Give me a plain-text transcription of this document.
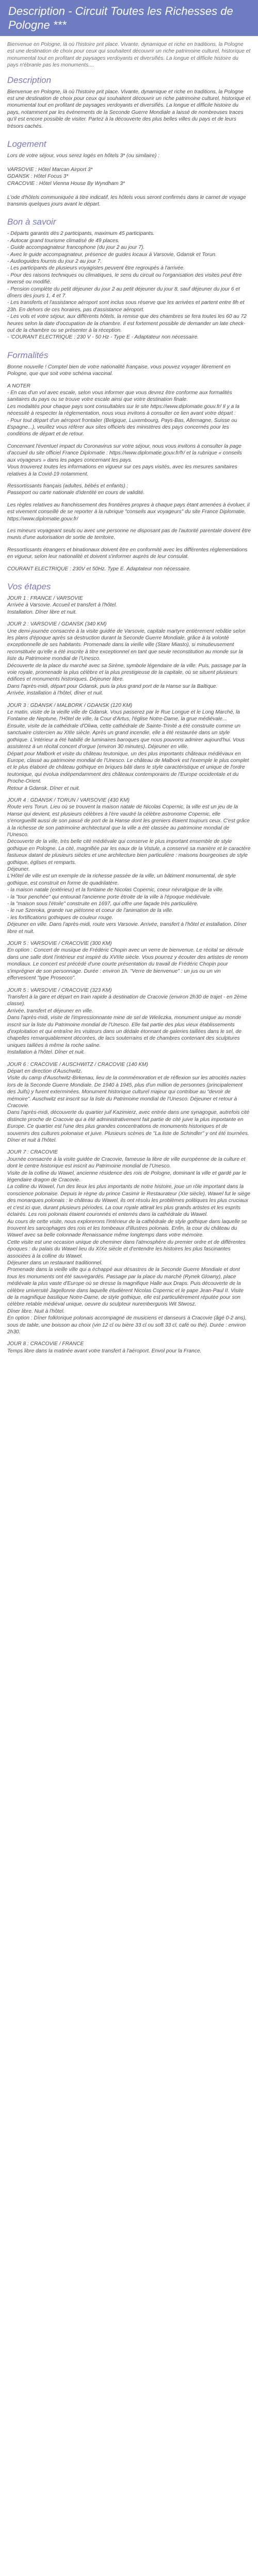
Description - Circuit Toutes les Richesses de Pologne ***

Bienvenue en Pologne, là où l'histoire prit place. Vivante, dynamique et riche en traditions, la Pologne est une destination de choix pour ceux qui souhaitent découvrir un riche patrimoine culturel, historique et monumental tout en profitant de paysages verdoyants et diversifiés. La longue et difficile histoire du pays n'ébranle pas les monuments....

Description

Bienvenue en Pologne, là où l'histoire prit place. Vivante, dynamique et riche en traditions, la Pologne est une destination de choix pour ceux qui souhaitent découvrir un riche patrimoine culturel, historique et monumental tout en profitant de paysages verdoyants et diversifiés. La longue et difficile histoire du pays, notamment par les événements de la Seconde Guerre Mondiale a laissé de nombreuses traces qu'il est encore possible de visiter. Partez à la découverte des plus belles villes du pays et de leurs trésors cachés.

Logement

Lors de votre séjour, vous serez logés en hôtels 3* (ou similaire) :

VARSOVIE : Hôtel Marcan Airport 3*
GDANSK : Hôtel Focus 3*
CRACOVIE : Hôtel Vienna House By Wyndham 3*

L'ode d'hôtels communiquée à titre indicatif, les hôtels vous seront confirmés dans le carnet de voyage transmis quelques jours avant le départ.

Bon à savoir

- Départs garantis dès 2 participants, maximum 45 participants.
- Autocar grand tourisme climatisé de 49 places.
- Guide accompagnateur francophone (du jour 2 au jour 7).
- Avec le guide accompagnateur, présence de guides locaux à Varsovie, Gdansk et Torun.
- Audioguides fournis du jour 2 au jour 7.
- Les participants de plusieurs voyagistes peuvent être regroupés à l'arrivée.
- Pour des raisons techniques ou climatiques, le sens du circuit ou l'organisation des visites peut être inversé ou modifié.
- Pension complète du petit déjeuner du jour 2 au petit déjeuner du jour 8, sauf déjeuner du jour 6 et dîners des jours 1, 4 et 7.
- Les transferts et l'assistance aéroport sont inclus sous réserve que les arrivées et partent entre 8h et 23h. En dehors de ces horaires, pas d'assistance aéroport.
- Les vols et votre séjour, aux différents hôtels, la remise que des chambres se fera toutes les 60 au 72 heures selon la date d'occupation de la chambre. Il est fortement possible de demander un late check-out de la chambre ou se présenter à la réception.
- 'COURANT ELECTRIQUE : 230 V - 50 Hz - Type E - Adaptateur non nécessaire.

Formalités

Bonne nouvelle ! Comptel bien de votre nationalité française, vous pouvez voyager librement en Pologne, que que soit votre schéma vaccinal.

A NOTER
- En cas d'un vol avec escale, selon vous informer que vous devrez être conforme aux formalités sanitaires du pays ou se trouve votre escale ainsi que votre destination finale.
Les modalités pour chaque pays sont consultables sur le site https://www.diplomatie.gouv.fr/ Il y a la nécessité à respecter la réglementation, nous vous invitons à consulter ce lien avant votre départ :
- Pour tout départ d'un aéroport frontalier (Belgique, Luxembourg, Pays-Bas, Allemagne, Suisse ou Espagne...), veuillez vous référer aux sites officiels des ministères des pays concernés pour les conditions de départ et de retour.

Concernant l'éventuel impact du Coronavirus sur votre séjour, nous vous invitons à consulter la page d'accueil du site officiel France Diplomatie : https://www.diplomatie.gouv.fr/fr/ et la rubrique « conseils aux voyageurs » dans les pages concernant les pays.
Vous trouverez toutes les informations en vigueur sur ces pays visités, avec les mesures sanitaires relatives à la Covid-19 notamment.

Ressortissants français (adultes, bébés et enfants) :
Passeport ou carte nationale d'identité en cours de validité.

Les règles relatives au franchissement des frontières propres à chaque pays étant amenées à évoluer, il est vivement conseillé de se reporter à la rubrique "conseils aux voyageurs" du site France Diplomatie, https://www.diplomatie.gouv.fr/

Les mineurs voyageant seuls ou avec une personne ne disposant pas de l'autorité parentale doivent être munis d'une autorisation de sortie de territoire.

Ressortissants étrangers et binationaux doivent être en conformité avec les différentes réglementations en vigueur, selon leur nationalité et doivent s'informer auprès de leur consulat.

COURANT ELECTRIQUE : 230V et 50Hz. Type E. Adaptateur non nécessaire.

Vos étapes

JOUR 1 : FRANCE / VARSOVIE
Arrivée à Varsovie. Accueil et transfert à l'hôtel.
Installation. Dîner libre et nuit.

JOUR 2 : VARSOVIE / GDANSK (340 KM)
Une demi-journée consacrée à la visite guidée de Varsovie, capitale martyre entièrement rebâtie selon les plans d'époque après sa destruction durant la Seconde Guerre Mondiale, grâce à la volonté exceptionnelle de ses habitants. Promenade dans la vieille ville (Stare Miasto), si minutieusement reconstituée qu'elle a été inscrite à titre exceptionnel en tant que seule reconstitution au monde sur la liste du Patrimoine mondial de l'Unesco.
Découverte de la place du marché avec sa Sirène, symbole légendaire de la ville. Puis, passage par la voie royale, promenade la plus célèbre et la plus prestigieuse de la capitale, où se situent plusieurs édifices et monuments historiques. Déjeuner libre.
Dans l'après-midi, départ pour Gdansk, puis la plus grand port de la Hanse sur la Baltique.
Arrivée, installation à l'hôtel, dîner et nuit.

JOUR 3 : GDANSK / MALBORK / GDANSK (120 KM)
Le matin, visite de la vieille ville de Gdansk. Vous passerez par le Rue Longue et le Long Marché, la Fontaine de Neptune, l'Hôtel de ville, la Cour d'Artus, l'église Notre-Dame, la grue médiévale...
Ensuite, visite de la cathédrale d'Oliwa, cette cathédrale de Sainte-Trinité a été construite comme un sanctuaire cistercien au XIIIe siècle. Après un grand incendie, elle a été restaurée dans un style gothique. L'intérieur a été habillé de luminaires baroques que nous pouvons admirer aujourd'hui. Vous assisterez à un récital concert d'orgue (environ 30 minutes). Déjeuner en ville.
Départ pour Malbork et visite du château teutonique, un des plus importants châteaux médiévaux en Europe, classé au patrimoine mondial de l'Unesco. Le château de Malbork est l'exemple le plus complet et le plus élaboré de château gothique en briques bâti dans le style caractéristique et unique de l'ordre teutonique, qui évolua indépendamment des châteaux contemporains de l'Europe occidentale et du Proche-Orient.
Retour à Gdansk. Dîner et nuit.

JOUR 4 : GDANSK / TORUN / VARSOVIE (430 KM)
Route vers Torun. Lieu où se trouvent la maison natale de Nicolas Copernic, la ville est un jeu de la Hanse qui devient, est plusieurs célèbres à l'ère vaudré la célèbre astronome Copernic, elle s'enorgueillit aussi de son passé de port de la Hanse dont les greniers étaient toujours ceux. C'est grâce à la richesse de son patrimoine architectural que la ville a été classée au patrimoine mondial de l'Unesco.
Découverte de la ville, très belle cité médiévale qui conserve le plus important ensemble de style gothique en Pologne. La cité, magnifiée par les eaux de la Vistule, a conservé sa manière et le caractère fastueux datant de plusieurs siècles et une architecture bien particulière : maisons bourgeoises de style gothique, églises et remparts.
Déjeuner.
L'Hôtel de ville est un exemple de la richesse passée de la ville, un bâtiment monumental, de style gothique, est construit en forme de quadrilatère.
- la maison natale (extérieur) et la fontaine de Nicolas Copernic, coeur névralgique de la ville.
- la "tour penchée" qui entourait l'ancienne porte étroite de la ville à l'époque médiévale.
- la "maison sous l'étoile" construite en 1697, qui offre une façade très particulière.
- le rue Szeroka, grande rue piétonne et coeur de l'animation de la ville.
- les fortifications gothiques de couleur rouge.
Déjeuner en ville. Dans l'après-midi, route vers Varsovie. Arrivée, transfert à l'hôtel et installation. Dîner libre et nuit.

JOUR 5 : VARSOVIE / CRACOVIE (300 KM)
En option : Concert de musique de Frédéric Chopin avec un verre de bienvenue. Le récital se déroule dans une salle dont l'intérieur est inspiré du XVIIIe siècle. Vous pourrez y écouter des artistes de renom mondiaux. Le concert est précédé d'une courte présentation du travail de Frédéric Chopin pour s'imprégner de son personnage. Durée : environ 1h. "Verre de bienvenue" : un jus ou un vin effervescent "type Prosecco".

JOUR 5 : VARSOVIE / CRACOVIE (323 KM)
Transfert à la gare et départ en train rapide à destination de Cracovie (environ 2h30 de trajet - en 2ème classe).
Arrivée, transfert et déjeuner en ville.
Dans l'après-midi, visite de l'impressionnante mine de sel de Wieliczka, monument unique au monde inscrit sur la liste du Patrimoine mondial de l'Unesco. Elle fait partie des plus vieux établissements d'exploitation et qui entraîne les visiteurs dans un dédale étonnant de galeries taillées dans le sel, de chapelles remarquablement décorées, de lacs souterrains et de chambres contenant des sculptures uniques taillées à même la roche saline.
Installation à l'hôtel. Dîner et nuit.

JOUR 6 : CRACOVIE / AUSCHWITZ / CRACOVIE (140 KM)
Départ en direction d'Auschwitz.
Visite du camp d'Auschwitz-Birkenau, lieu de la commémoration et de réflexion sur les atrocités nazies lors de la Seconde Guerre Mondiale. De 1940 à 1945, plus d'un million de personnes (principalement des Juifs) y furent exterminées. Monument historique culturel majeur qui contribue au "devoir de mémoire". Auschwitz est inscrit sur la liste du Patrimoine mondial de l'Unesco. Déjeuner et retour à Cracovie.
Dans l'après-midi, découverte du quartier juif Kazimierz, avec entrée dans une synagogue, autrefois cité distincte proche de Cracovie qui a été administrativement fait partie de cité juive la plus importante en Europe. Ce quartier est l'une des plus grandes concentrations de monuments historiques et de souvenirs des cultures polonaise et juive. Plusieurs scènes de "La liste de Schindler" y ont été tournées.
Dîner et nuit à l'hôtel.

JOUR 7 : CRACOVIE
Journée consacrée à la visite guidée de Cracovie, fameuse la libre de ville européenne de la culture et dont le centre historique est inscrit au Patrimoine mondial de l'Unesco.
Visite de la colline du Wawel, ancienne résidence des rois de Pologne, dominant la ville et gardé par le légendaire dragon de Cracovie.
La colline du Wawel, l'un des lieux les plus importants de notre histoire, joue un rôle important dans la conscience polonaise. Depuis le règne du prince Casimir le Restaurateur (XIe siècle), Wawel fut le siège des monarques polonais : le château du Wawel, ils ont résolu les problèmes politiques les plus cruciaux et c'est ici que, durant plusieurs périodes, La cour royale attirait les plus grands artistes et les esprits éclairés. Les rois polonais étaient couronnés et enterrés dans la cathédrale du Wawel.
Au cours de cette visite, nous explorerons l'intérieur de la cathédrale de style gothique dans laquelle se trouvent les sarcophages des rois et les tombeaux d'illustres polonais. Enfin, la cour du château du Wawel avec sa belle colonnade Renaissance même longtemps dans votre mémoire.
Cette visite est une occasion unique de cheminer dans l'atmosphère du premier ordre et de différentes époques : du palais du Wawel lieu du XIXe siècle et d'entendre les histoires les plus fascinantes associées à la colline du Wawel.
Déjeuner dans un restaurant traditionnel.
Promenade dans la vieille ville qui a échappé aux désastres de la Seconde Guerre Mondiale et dont tous les monuments ont été sauvegardés. Passage par la place du marché (Rynek Glowny), place médiévale la plus vaste d'Europe où se dresse la magnifique Halle aux Draps. Puis découverte de la célèbre université Jagellonne dans laquelle étudièrent Nicolas Copernic et le pape Jean-Paul II. Visite de la magnifique basilique Notre-Dame, de style gothique, elle est particulièrement réputée pour son célèbre retable médiéval unique, oeuvre du sculpteur nuremberguois Wit Stwosz.
Dîner libre. Nuit à l'hôtel.
En option : Dîner folklorique polonais accompagné de musiciens et danseurs à Cracovie (âgé 0-2 ans), sous de table, une boisson au choix (vin 12 cl ou bière 33 cl ou soft 33 cl, café ou thé). Durée : environ 2h30.

JOUR 8 : CRACOVIE / FRANCE
Temps libre dans la matinée avant votre transfert à l'aéroport. Envol pour la France.
